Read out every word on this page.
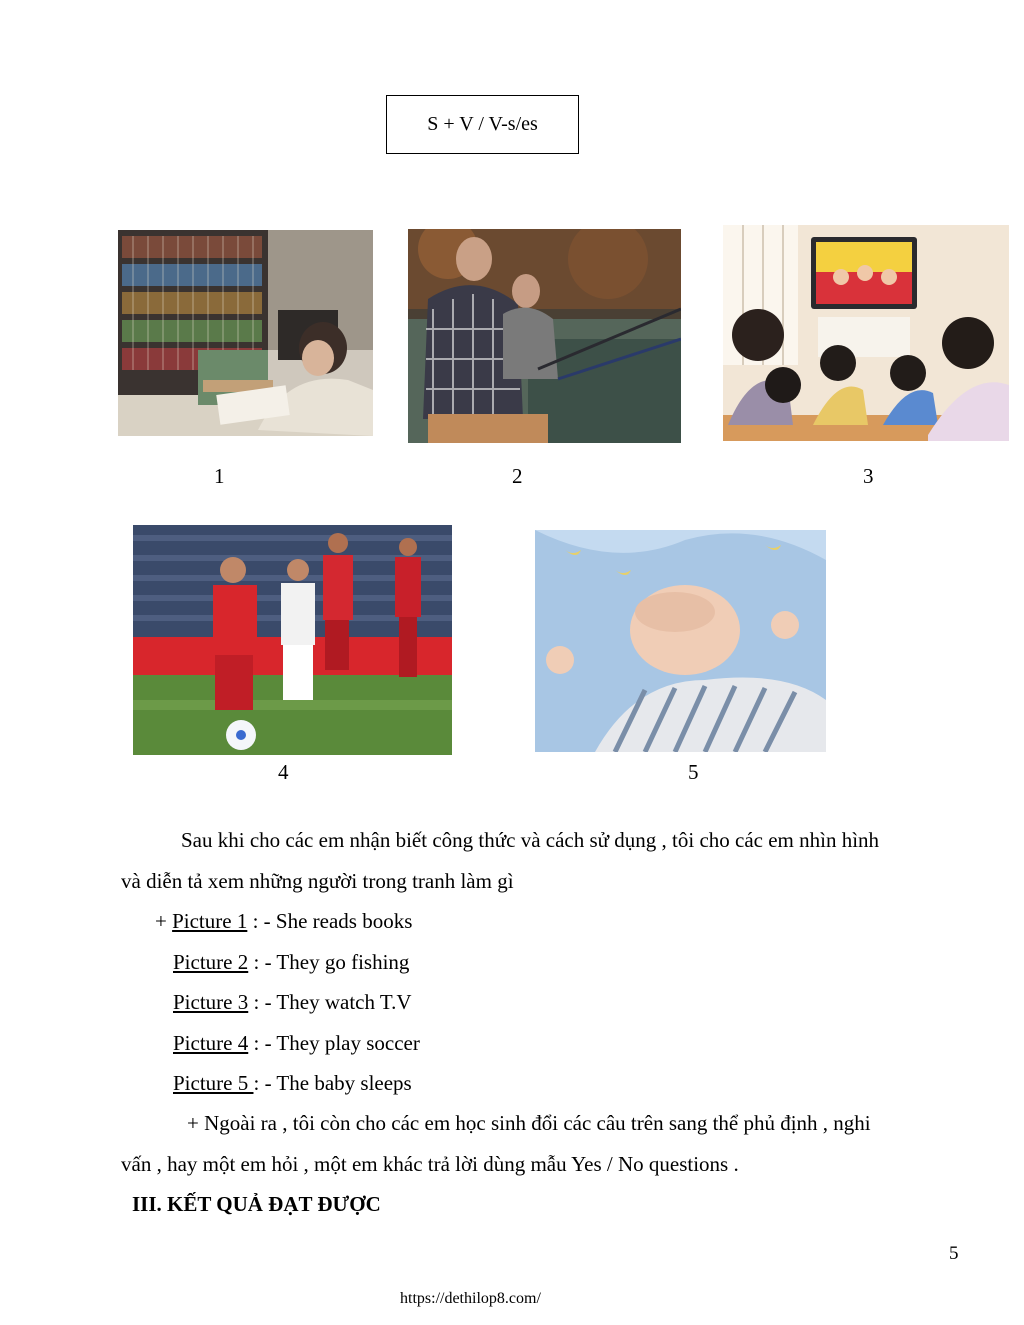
S + V / V-s/es
1	2	3
4	5
Sau khi cho các em nhận biết công thức và cách sử dụng , tôi cho các em nhìn hình
và diễn tả xem những người trong tranh làm gì
+ Picture 1 : - She reads books
Picture 2 : - They go fishing
Picture 3 : - They watch T.V
Picture 4 : - They play soccer
Picture 5 : - The baby sleeps
+ Ngoài ra , tôi còn cho các em học sinh đổi các câu trên sang thể phủ định , nghi
vấn , hay một em hỏi , một em khác trả lời dùng mẫu Yes / No questions .
III. KẾT QUẢ ĐẠT ĐƯỢC
5
https://dethilop8.com/
